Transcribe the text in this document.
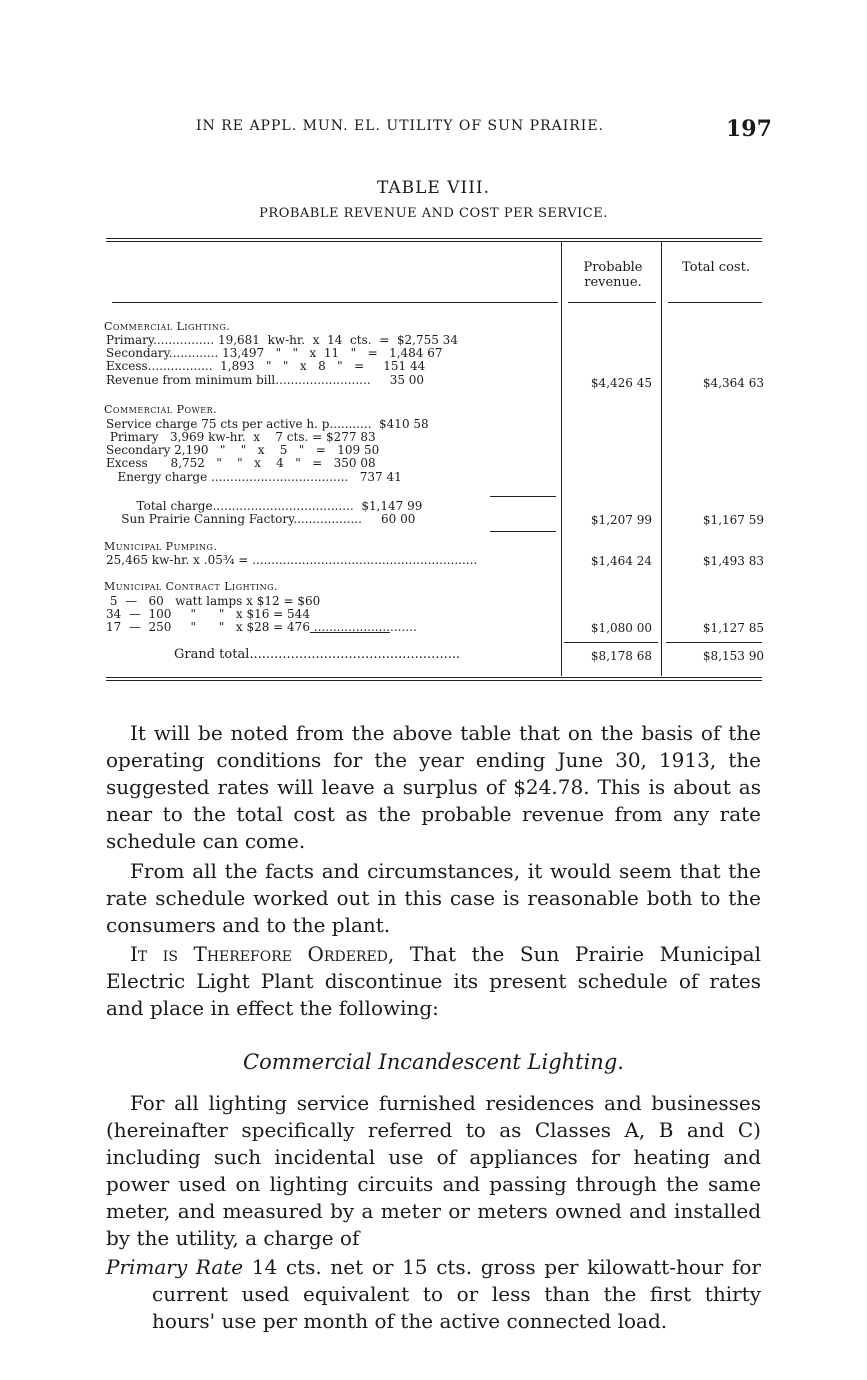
IN RE APPL. MUN. EL. UTILITY OF SUN PRAIRIE.	197
TABLE VIII.
PROBABLE REVENUE AND COST PER SERVICE.
Probable revenue.
Total cost.
Commercial Lighting.
Primary................ 19,681  kw-hr.  x  14  cts.  =  $2,755 34
Secondary............. 13,497   "   "   x  11   "   =   1,484 67
Excess.................  1,893   "   "   x   8   "   =     151 44
Revenue from minimum bill.........................     35 00	$4,426 45	$4,364 63
Commercial Power.
Service charge 75 cts per active h. p...........  $410 58
Primary   3,969 kw-hr.  x    7 cts. = $277 83
Secondary 2,190   "    "   x    5   "   =   109 50
Excess      8,752   "    "   x    4   "   =   350 08
Energy charge ....................................   737 41
Total charge.....................................  $1,147 99
Sun Prairie Canning Factory..................     60 00	$1,207 99	$1,167 59
Municipal Pumping.
25,465 kw-hr. x .05¾ = ...........................................................	$1,464 24	$1,493 83
Municipal Contract Lighting.
5  —   60   watt lamps x $12 = $60
34  —  100     "      "   x $16 = 544
17  —  250     "      "   x $28 = 476 ...........................	$1,080 00	$1,127 85
Grand total...................................................	$8,178 68	$8,153 90
It will be noted from the above table that on the basis of the operating conditions for the year ending June 30, 1913, the suggested rates will leave a surplus of $24.78. This is about as near to the total cost as the probable revenue from any rate schedule can come.
From all the facts and circumstances, it would seem that the rate schedule worked out in this case is reasonable both to the consumers and to the plant.
It is Therefore Ordered, That the Sun Prairie Municipal Electric Light Plant discontinue its present schedule of rates and place in effect the following:
Commercial Incandescent Lighting.
For all lighting service furnished residences and businesses (hereinafter specifically referred to as Classes A, B and C) including such incidental use of appliances for heating and power used on lighting circuits and passing through the same meter, and measured by a meter or meters owned and installed by the utility, a charge of
Primary Rate 14 cts. net or 15 cts. gross per kilowatt-hour for current used equivalent to or less than the first thirty hours' use per month of the active connected load.
